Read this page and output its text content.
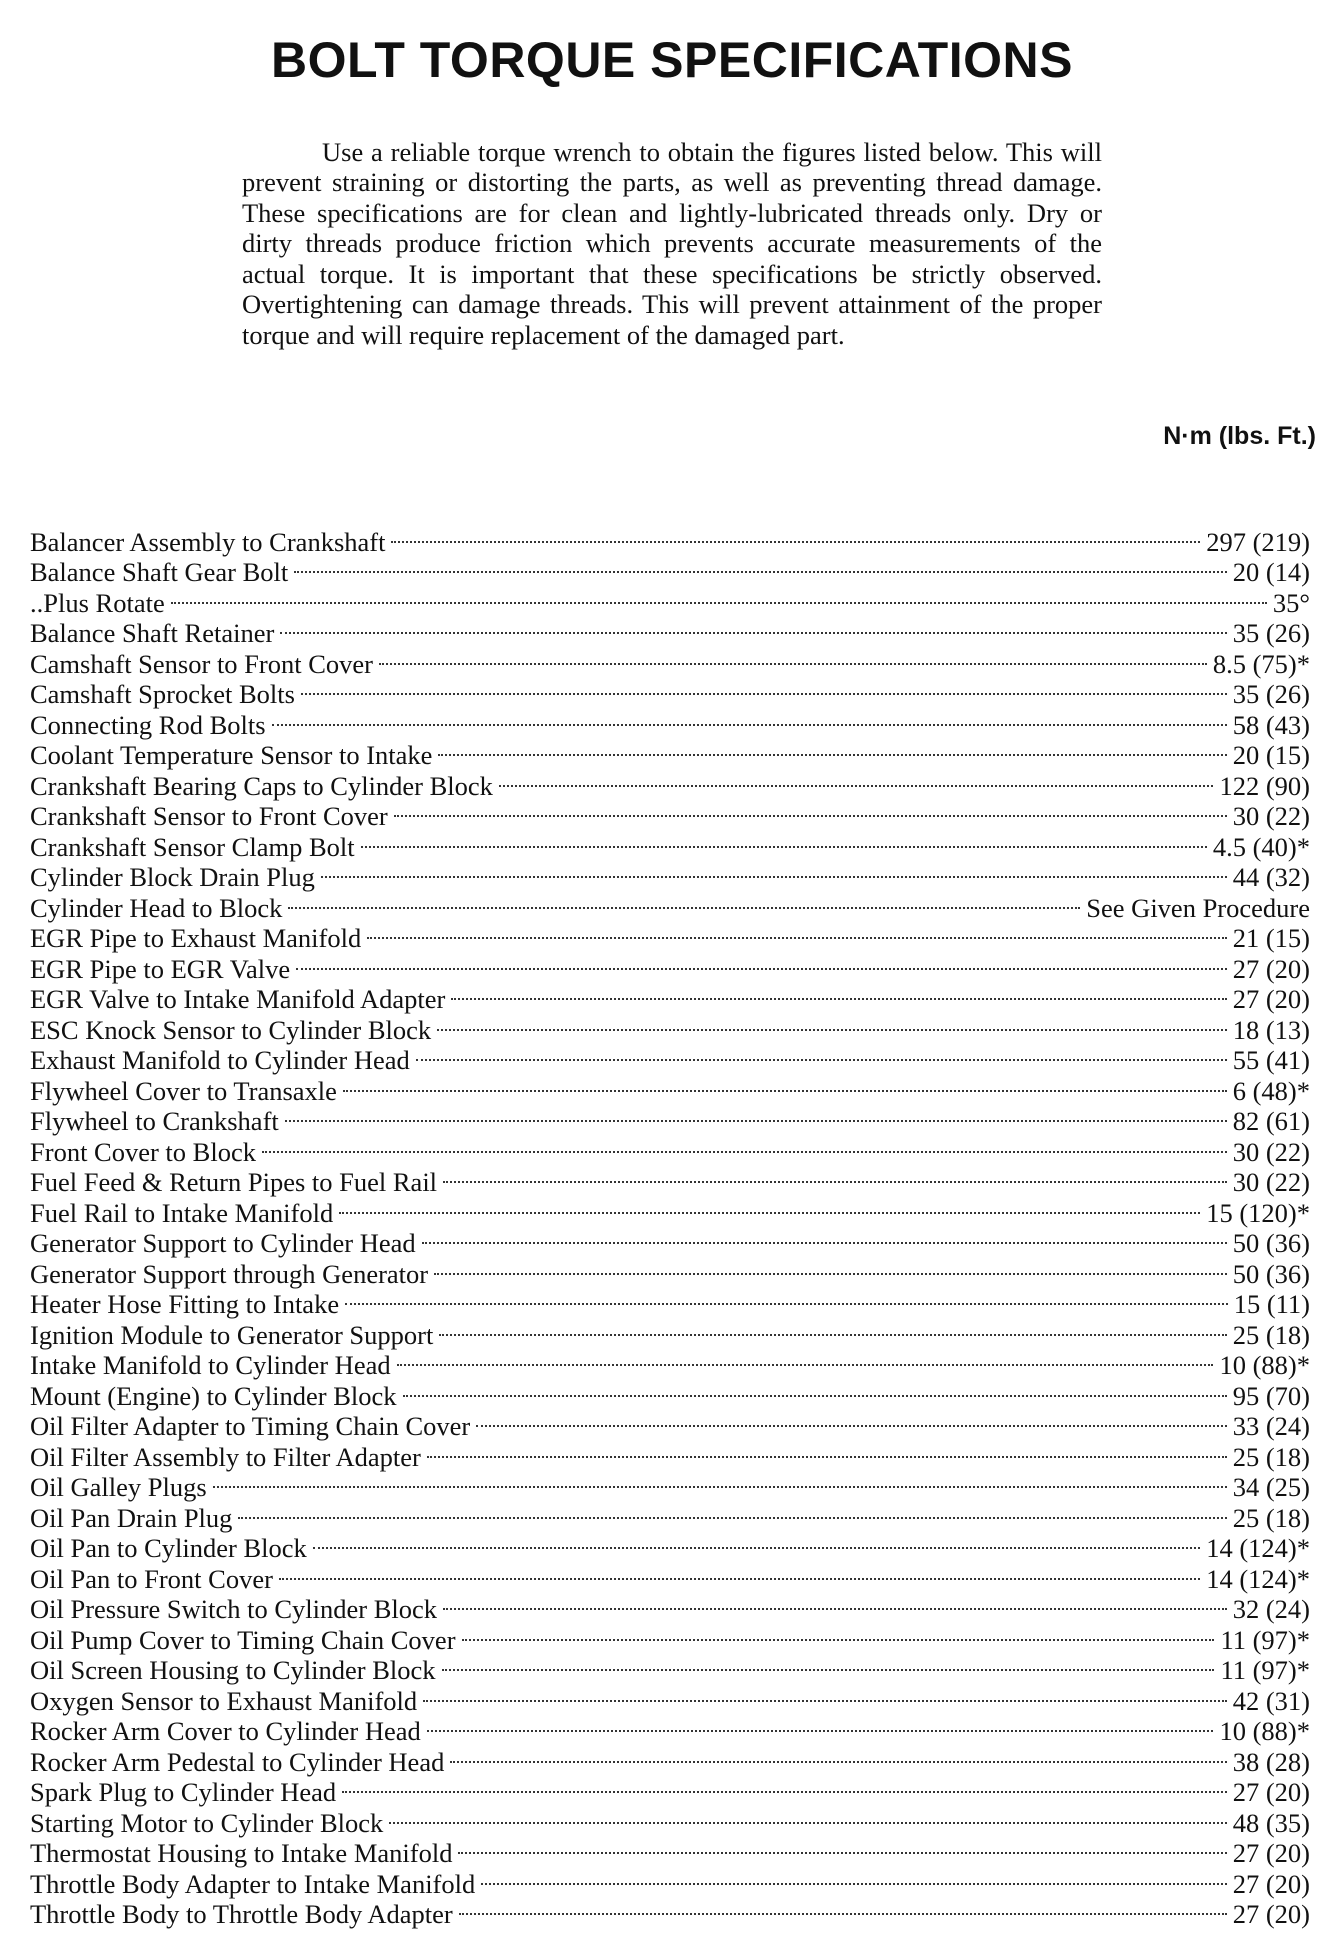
BOLT TORQUE SPECIFICATIONS

Use a reliable torque wrench to obtain the figures listed below. This will prevent straining or distorting the parts, as well as preventing thread damage. These specifications are for clean and lightly-lubricated threads only. Dry or dirty threads produce friction which prevents accurate measurements of the actual torque. It is important that these specifications be strictly observed. Overtightening can damage threads. This will prevent attainment of the proper torque and will require replacement of the damaged part.

N·m (lbs. Ft.)
Balancer Assembly to Crankshaft	297 (219)
Balance Shaft Gear Bolt	20 (14)
..Plus Rotate	35°
Balance Shaft Retainer	35 (26)
Camshaft Sensor to Front Cover	8.5 (75)*
Camshaft Sprocket Bolts	35 (26)
Connecting Rod Bolts	58 (43)
Coolant Temperature Sensor to Intake	20 (15)
Crankshaft Bearing Caps to Cylinder Block	122 (90)
Crankshaft Sensor to Front Cover	30 (22)
Crankshaft Sensor Clamp Bolt	4.5 (40)*
Cylinder Block Drain Plug	44 (32)
Cylinder Head to Block	See Given Procedure
EGR Pipe to Exhaust Manifold	21 (15)
EGR Pipe to EGR Valve	27 (20)
EGR Valve to Intake Manifold Adapter	27 (20)
ESC Knock Sensor to Cylinder Block	18 (13)
Exhaust Manifold to Cylinder Head	55 (41)
Flywheel Cover to Transaxle	6 (48)*
Flywheel to Crankshaft	82 (61)
Front Cover to Block	30 (22)
Fuel Feed & Return Pipes to Fuel Rail	30 (22)
Fuel Rail to Intake Manifold	15 (120)*
Generator Support to Cylinder Head	50 (36)
Generator Support through Generator	50 (36)
Heater Hose Fitting to Intake	15 (11)
Ignition Module to Generator Support	25 (18)
Intake Manifold to Cylinder Head	10 (88)*
Mount (Engine) to Cylinder Block	95 (70)
Oil Filter Adapter to Timing Chain Cover	33 (24)
Oil Filter Assembly to Filter Adapter	25 (18)
Oil Galley Plugs	34 (25)
Oil Pan Drain Plug	25 (18)
Oil Pan to Cylinder Block	14 (124)*
Oil Pan to Front Cover	14 (124)*
Oil Pressure Switch to Cylinder Block	32 (24)
Oil Pump Cover to Timing Chain Cover	11 (97)*
Oil Screen Housing to Cylinder Block	11 (97)*
Oxygen Sensor to Exhaust Manifold	42 (31)
Rocker Arm Cover to Cylinder Head	10 (88)*
Rocker Arm Pedestal to Cylinder Head	38 (28)
Spark Plug to Cylinder Head	27 (20)
Starting Motor to Cylinder Block	48 (35)
Thermostat Housing to Intake Manifold	27 (20)
Throttle Body Adapter to Intake Manifold	27 (20)
Throttle Body to Throttle Body Adapter	27 (20)
